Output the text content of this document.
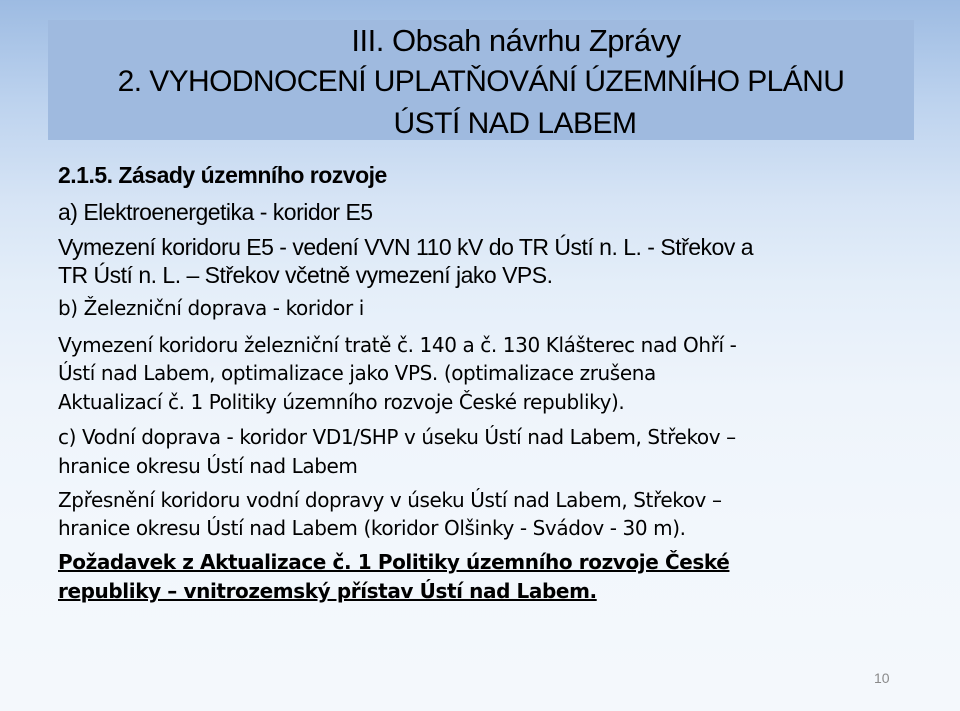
III. Obsah návrhu Zprávy
2. VYHODNOCENÍ UPLATŇOVÁNÍ ÚZEMNÍHO PLÁNU
ÚSTÍ NAD LABEM
2.1.5. Zásady územního rozvoje
a) Elektroenergetika - koridor E5
Vymezení koridoru E5 - vedení VVN 110 kV do TR Ústí n. L. - Střekov a
TR Ústí n. L. – Střekov včetně vymezení jako VPS.
b) Železniční doprava - koridor i
Vymezení koridoru železniční tratě č. 140 a č. 130 Klášterec nad Ohří -
Ústí nad Labem, optimalizace jako VPS. (optimalizace zrušena
Aktualizací č. 1 Politiky územního rozvoje České republiky).
c) Vodní doprava - koridor VD1/SHP v úseku Ústí nad Labem, Střekov –
hranice okresu Ústí nad Labem
Zpřesnění koridoru vodní dopravy v úseku Ústí nad Labem, Střekov –
hranice okresu Ústí nad Labem (koridor Olšinky - Svádov - 30 m).
Požadavek z Aktualizace č. 1 Politiky územního rozvoje České
republiky – vnitrozemský přístav Ústí nad Labem.
10
